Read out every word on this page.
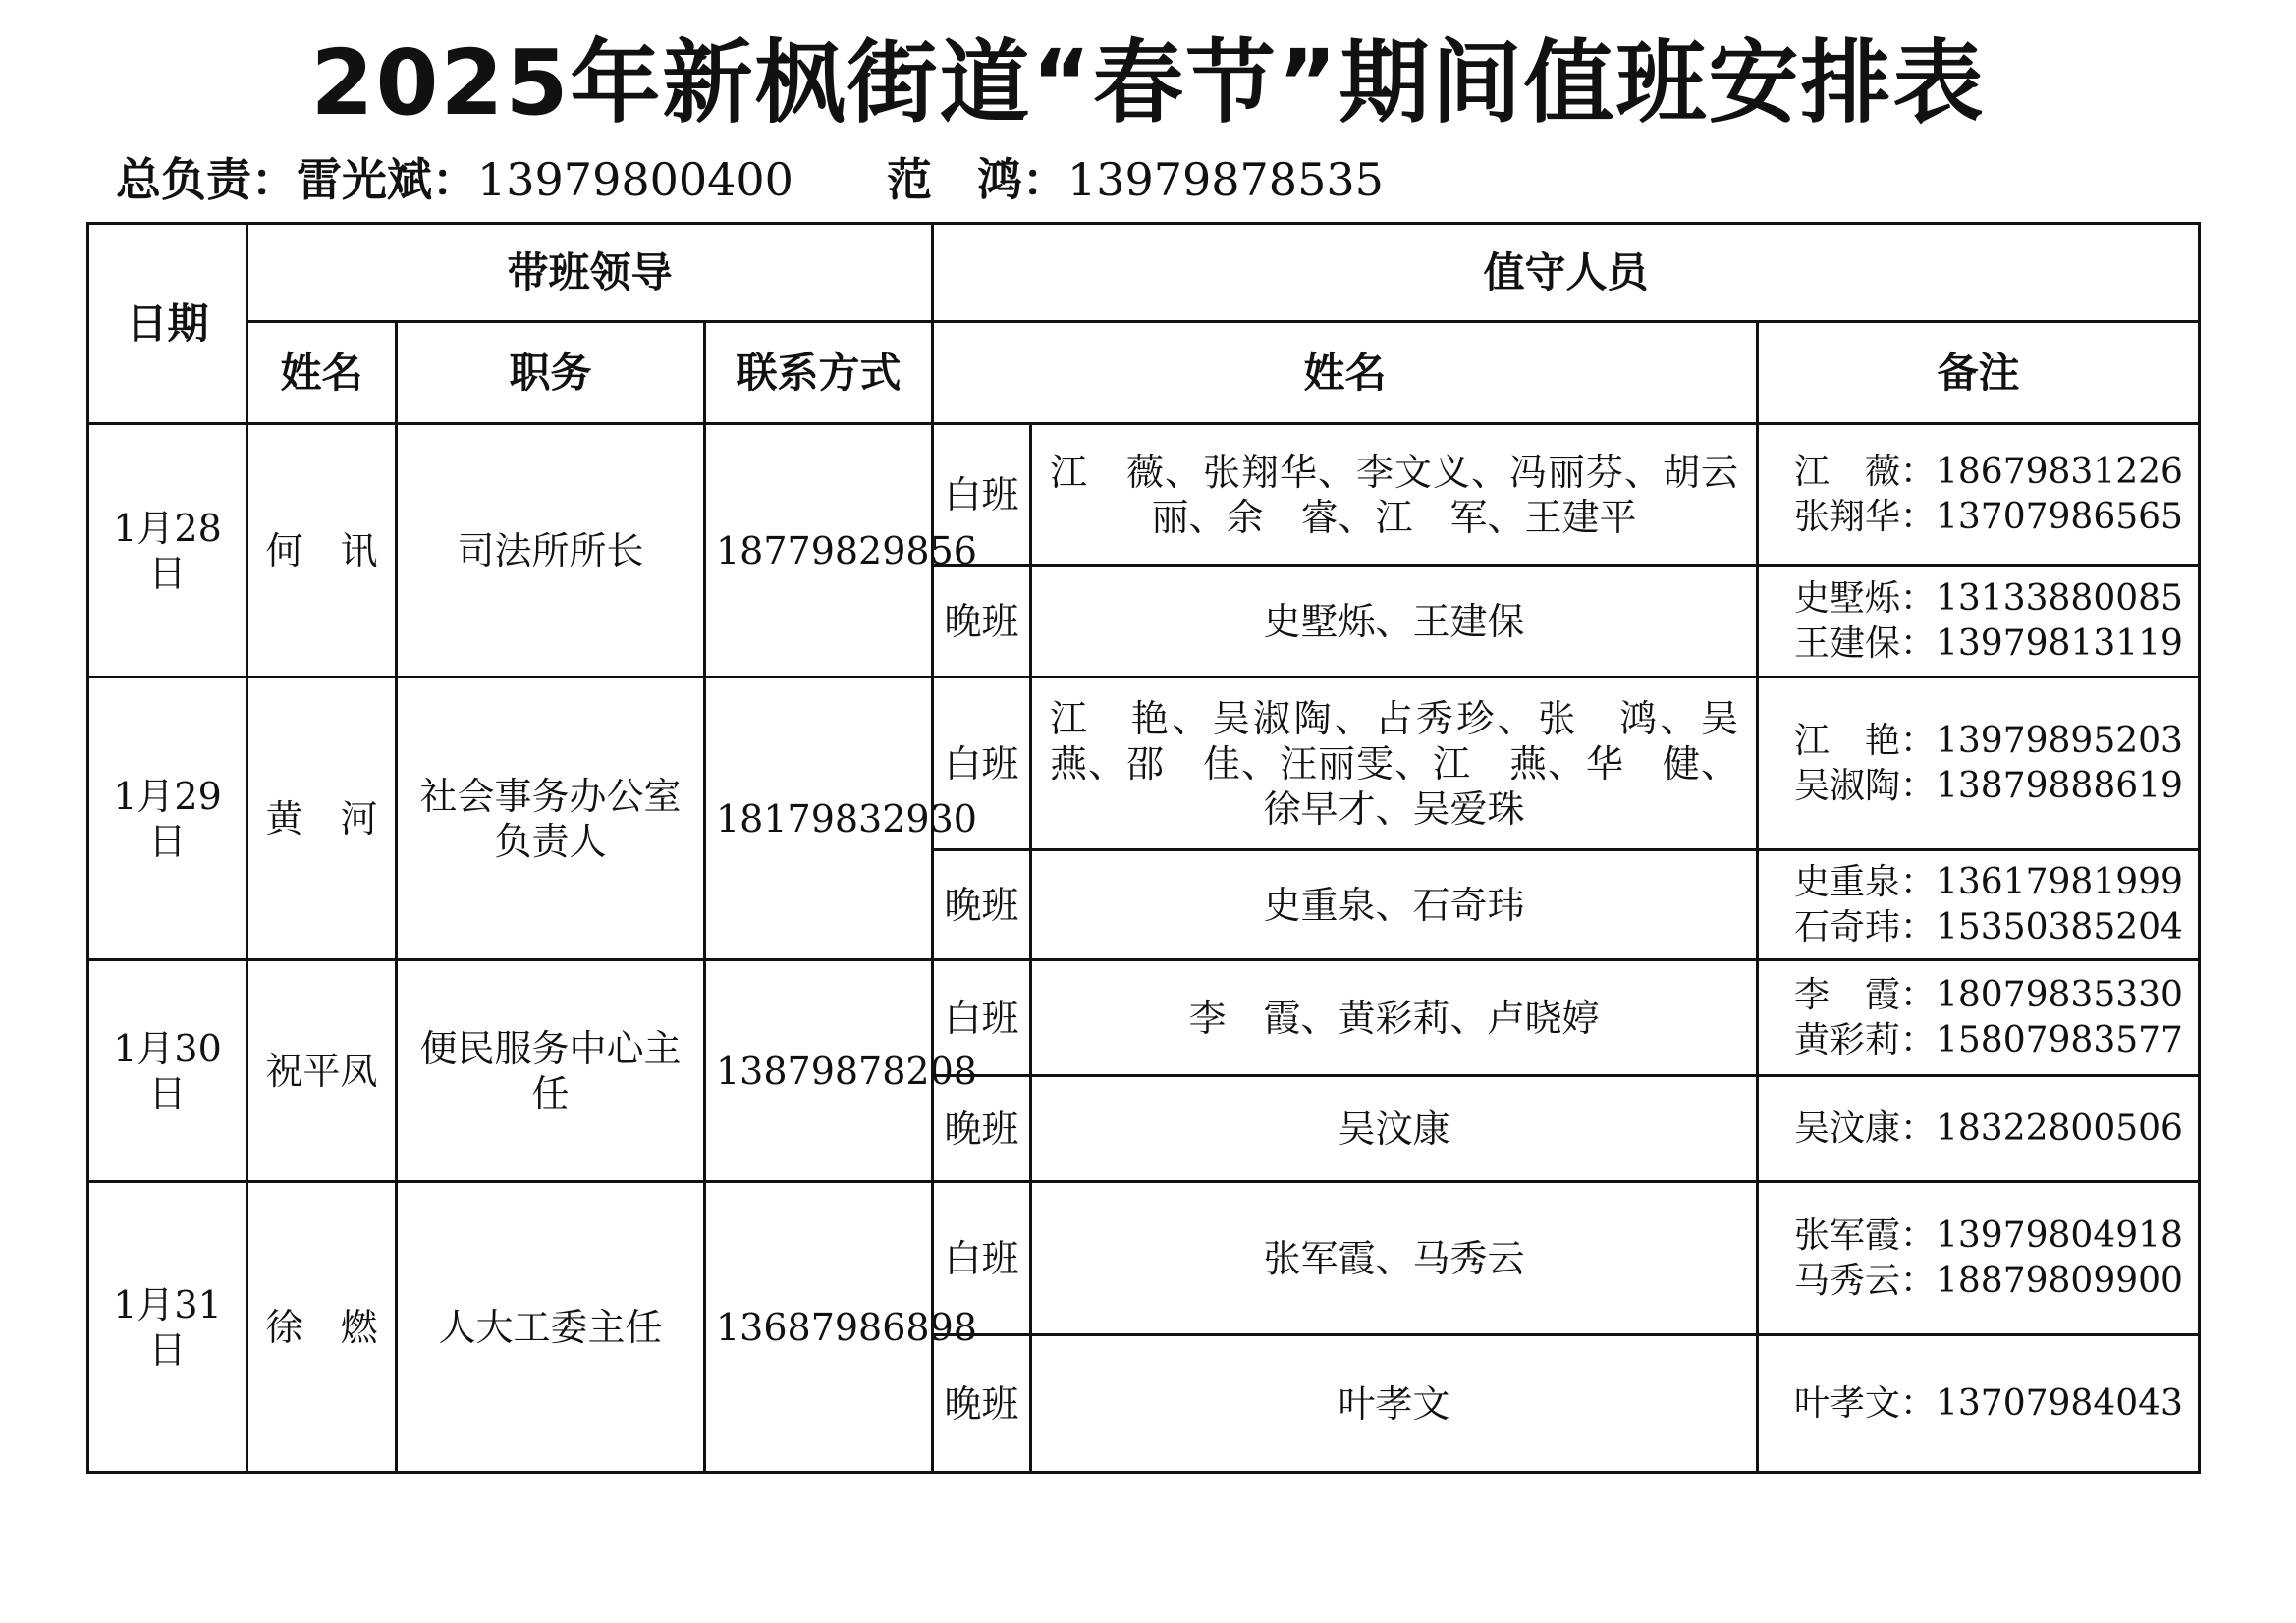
2025年新枫街道“春节”期间值班安排表
总负责：雷光斌：13979800400 范　鸿：13979878535
日期	带班领导			值守人员		
	姓名	职务	联系方式	姓名		备注
1月28日	何　讯	司法所所长	18779829856	白班	江　薇、张翔华、李文义、冯丽芬、胡云丽、余　睿、江　军、王建平	江　薇：18679831226
张翔华：13707986565

				晚班	史墅烁、王建保	史墅烁：13133880085
王建保：13979813119

1月29日	黄　河	社会事务办公室负责人	18179832930	白班	江　艳、吴淑陶、占秀珍、张　鸿、吴燕、邵　佳、汪丽雯、江　燕、华　健、徐早才、吴爱珠	江　艳：13979895203
吴淑陶：13879888619

				晚班	史重泉、石奇玮	史重泉：13617981999
石奇玮：15350385204

1月30日	祝平凤	便民服务中心主任	13879878208	白班	李　霞、黄彩莉、卢晓婷	李　霞：18079835330
黄彩莉：15807983577

				晚班	吴汶康	吴汶康：18322800506

1月31日	徐　燃	人大工委主任	13687986898	白班	张军霞、马秀云	张军霞：13979804918
马秀云：18879809900

				晚班	叶孝文	叶孝文：13707984043
